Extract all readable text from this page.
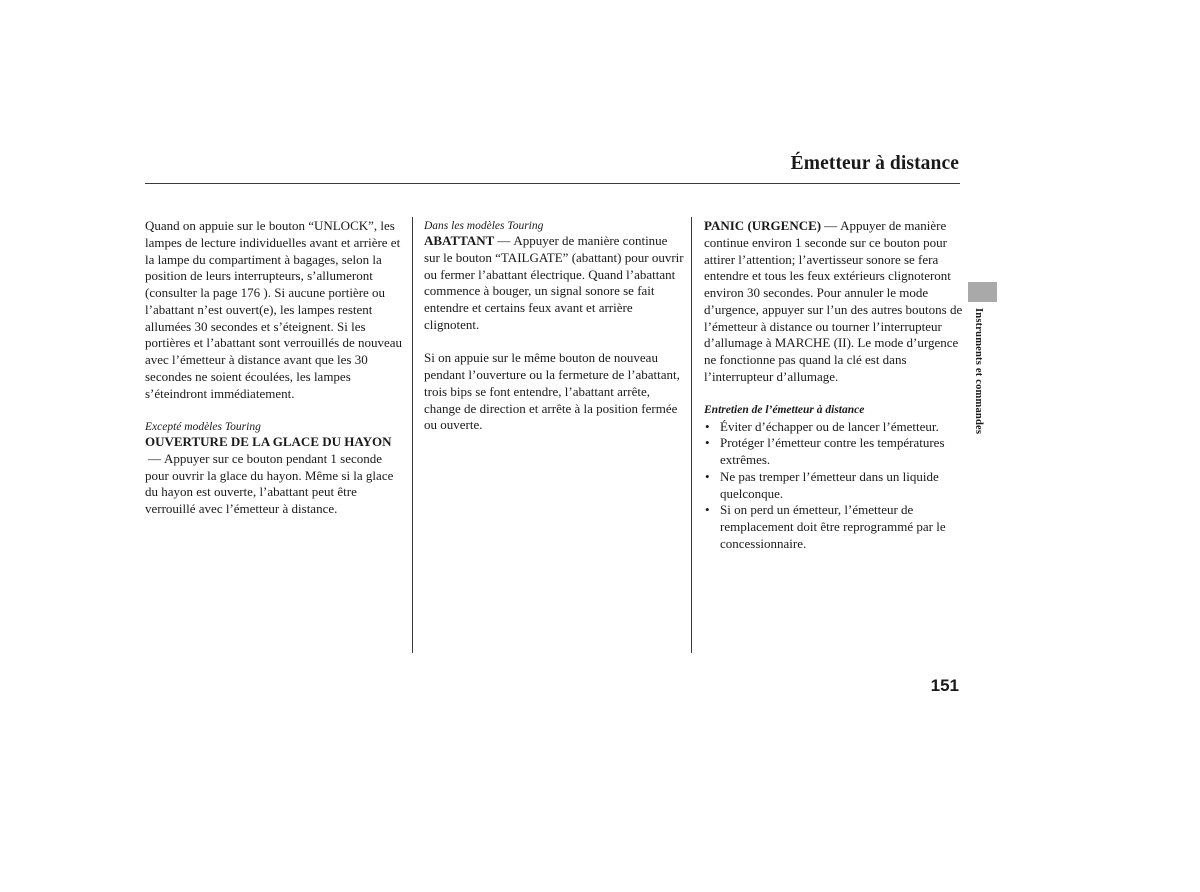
Émetteur à distance
Quand on appuie sur le bouton “UNLOCK”, les lampes de lecture individuelles avant et arrière et la lampe du compartiment à bagages, selon la position de leurs interrupteurs, s’allumeront (consulter la page 176 ). Si aucune portière ou l’abattant n’est ouvert(e), les lampes restent allumées 30 secondes et s’éteignent. Si les portières et l’abattant sont verrouillés de nouveau avec l’émetteur à distance avant que les 30 secondes ne soient écoulées, les lampes s’éteindront immédiatement.
Excepté modèles Touring
OUVERTURE DE LA GLACE DU HAYON— Appuyer sur ce bouton pendant 1 seconde pour ouvrir la glace du hayon. Même si la glace du hayon est ouverte, l’abattant peut être verrouillé avec l’émetteur à distance.
Dans les modèles Touring
ABATTANT — Appuyer de manière continue sur le bouton “TAILGATE” (abattant) pour ouvrir ou fermer l’abattant électrique. Quand l’abattant commence à bouger, un signal sonore se fait entendre et certains feux avant et arrière clignotent.
Si on appuie sur le même bouton de nouveau pendant l’ouverture ou la fermeture de l’abattant, trois bips se font entendre, l’abattant arrête, change de direction et arrête à la position fermée ou ouverte.
PANIC (URGENCE) — Appuyer de manière continue environ 1 seconde sur ce bouton pour attirer l’attention; l’avertisseur sonore se fera entendre et tous les feux extérieurs clignoteront environ 30 secondes. Pour annuler le mode d’urgence, appuyer sur l’un des autres boutons de l’émetteur à distance ou tourner l’interrupteur d’allumage à MARCHE (II). Le mode d’urgence ne fonctionne pas quand la clé est dans l’interrupteur d’allumage.
Entretien de l’émetteur à distance
• Éviter d’échapper ou de lancer l’émetteur.
• Protéger l’émetteur contre les températures extrêmes.
• Ne pas tremper l’émetteur dans un liquide quelconque.
• Si on perd un émetteur, l’émetteur de remplacement doit être reprogrammé par le concessionnaire.
Instruments et commandes
151
